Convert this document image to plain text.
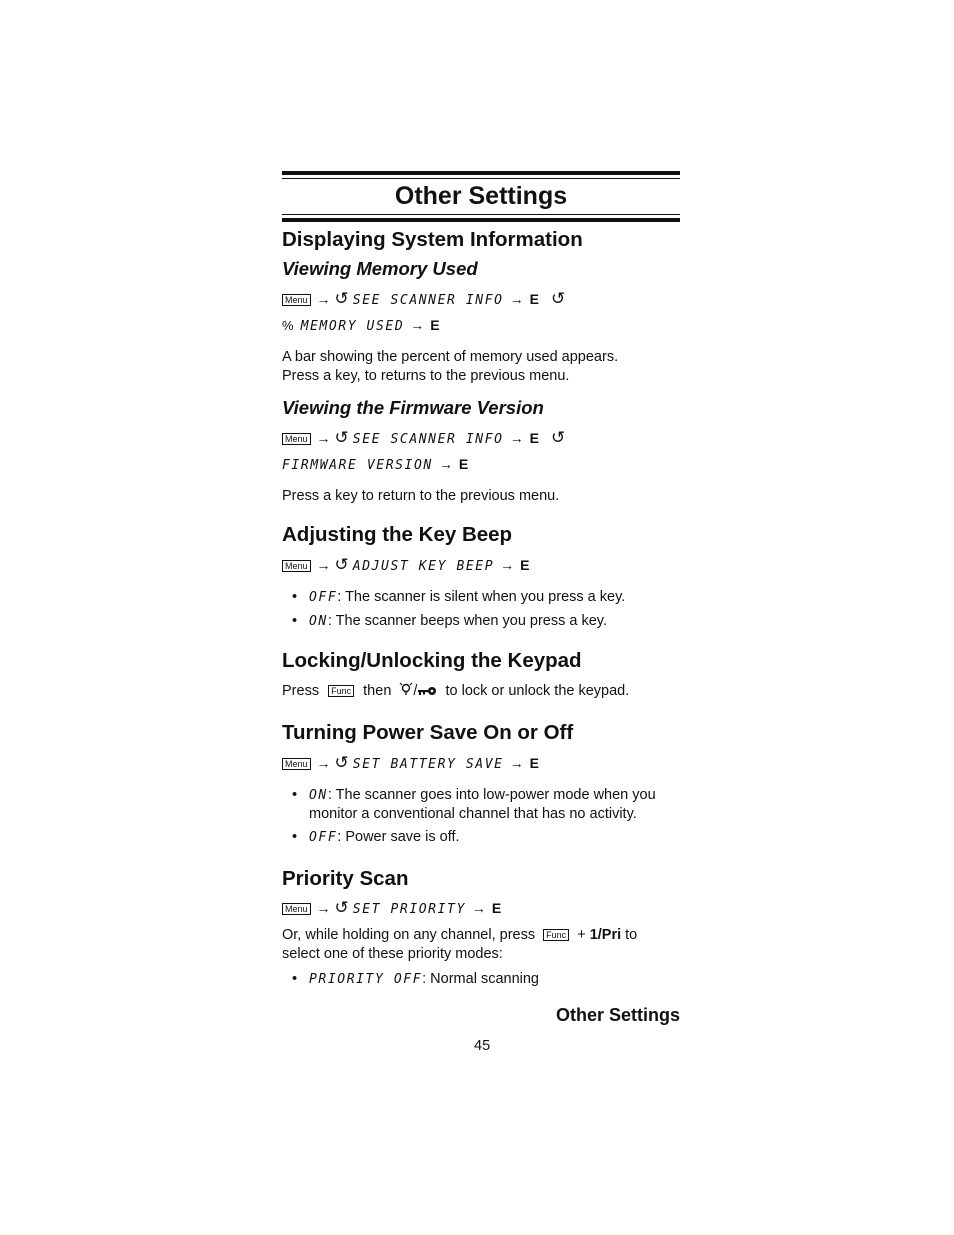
Other Settings
Displaying System Information
Viewing Memory Used
Menu → ↺ SEE SCANNER INFO → E ↺
% MEMORY USED → E

A bar showing the percent of memory used appears.

Press a key, to returns to the previous menu.

Viewing the Firmware Version
Menu → ↺ SEE SCANNER INFO → E ↺
FIRMWARE VERSION → E

Press a key to return to the previous menu.

Adjusting the Key Beep
Menu → ↺ ADJUST KEY BEEP → E
• OFF: The scanner is silent when you press a key.
• ON: The scanner beeps when you press a key.
Locking/Unlocking the Keypad

Press Func then / to lock or unlock the keypad.

Turning Power Save On or Off
Menu → ↺ SET BATTERY SAVE → E
• ON: The scanner goes into low-power mode when you
monitor a conventional channel that has no activity.
• OFF: Power save is off.
Priority Scan
Menu → ↺ SET PRIORITY → E

Or, while holding on any channel, press Func + 1/Pri to

select one of these priority modes:

• PRIORITY OFF: Normal scanning
Other Settings
45
